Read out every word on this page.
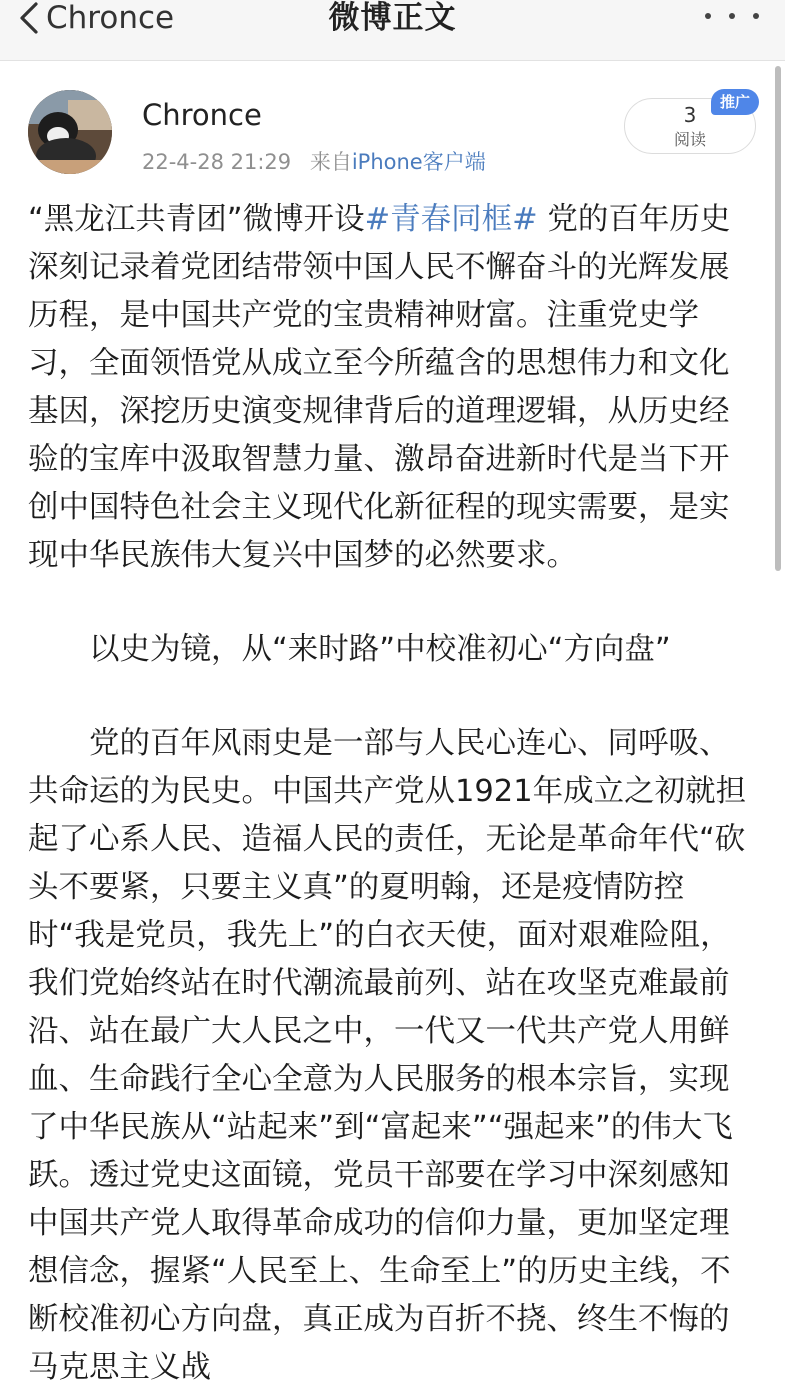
Chronce	微博正文
Chronce
22-4-28 21:29 来自iPhone客户端
3
阅读
推广

“黑龙江共青团”微博开设#青春同框# 党的百年历史深刻记录着党团结带领中国人民不懈奋斗的光辉发展历程，是中国共产党的宝贵精神财富。注重党史学习，全面领悟党从成立至今所蕴含的思想伟力和文化基因，深挖历史演变规律背后的道理逻辑，从历史经验的宝库中汲取智慧力量、激昂奋进新时代是当下开创中国特色社会主义现代化新征程的现实需要，是实现中华民族伟大复兴中国梦的必然要求。

以史为镜，从“来时路”中校准初心“方向盘”

党的百年风雨史是一部与人民心连心、同呼吸、共命运的为民史。中国共产党从1921年成立之初就担起了心系人民、造福人民的责任，无论是革命年代“砍头不要紧，只要主义真”的夏明翰，还是疫情防控时“我是党员，我先上”的白衣天使，面对艰难险阻，我们党始终站在时代潮流最前列、站在攻坚克难最前沿、站在最广大人民之中，一代又一代共产党人用鲜血、生命践行全心全意为人民服务的根本宗旨，实现了中华民族从“站起来”到“富起来”“强起来”的伟大飞跃。透过党史这面镜，党员干部要在学习中深刻感知中国共产党人取得革命成功的信仰力量，更加坚定理想信念，握紧“人民至上、生命至上”的历史主线，不断校准初心方向盘，真正成为百折不挠、终生不悔的马克思主义战
